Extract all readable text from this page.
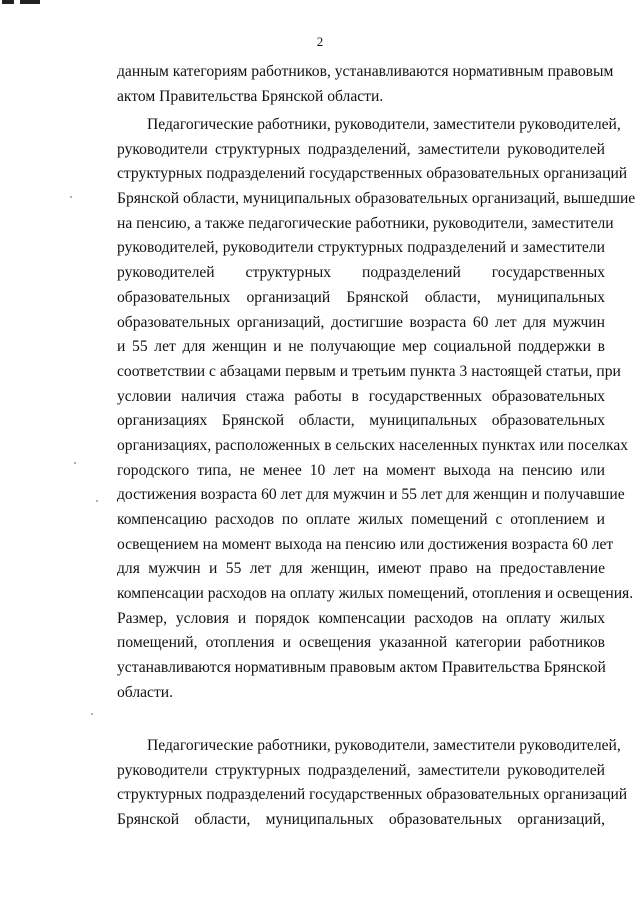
2
данным категориям работников, устанавливаются нормативным правовым
актом Правительства Брянской области.
Педагогические работники, руководители, заместители руководителей,
руководители структурных подразделений, заместители руководителей
структурных подразделений государственных образовательных организаций
Брянской области, муниципальных образовательных организаций, вышедшие
на пенсию, а также педагогические работники, руководители, заместители
руководителей, руководители структурных подразделений и заместители
руководителей структурных подразделений государственных
образовательных организаций Брянской области, муниципальных
образовательных организаций, достигшие возраста 60 лет для мужчин
и 55 лет для женщин и не получающие мер социальной поддержки в
соответствии с абзацами первым и третьим пункта 3 настоящей статьи, при
условии наличия стажа работы в государственных образовательных
организациях Брянской области, муниципальных образовательных
организациях, расположенных в сельских населенных пунктах или поселках
городского типа, не менее 10 лет на момент выхода на пенсию или
достижения возраста 60 лет для мужчин и 55 лет для женщин и получавшие
компенсацию расходов по оплате жилых помещений с отоплением и
освещением на момент выхода на пенсию или достижения возраста 60 лет
для мужчин и 55 лет для женщин, имеют право на предоставление
компенсации расходов на оплату жилых помещений, отопления и освещения.
Размер, условия и порядок компенсации расходов на оплату жилых
помещений, отопления и освещения указанной категории работников
устанавливаются нормативным правовым актом Правительства Брянской
области.
Педагогические работники, руководители, заместители руководителей,
руководители структурных подразделений, заместители руководителей
структурных подразделений государственных образовательных организаций
Брянской области, муниципальных образовательных организаций,
